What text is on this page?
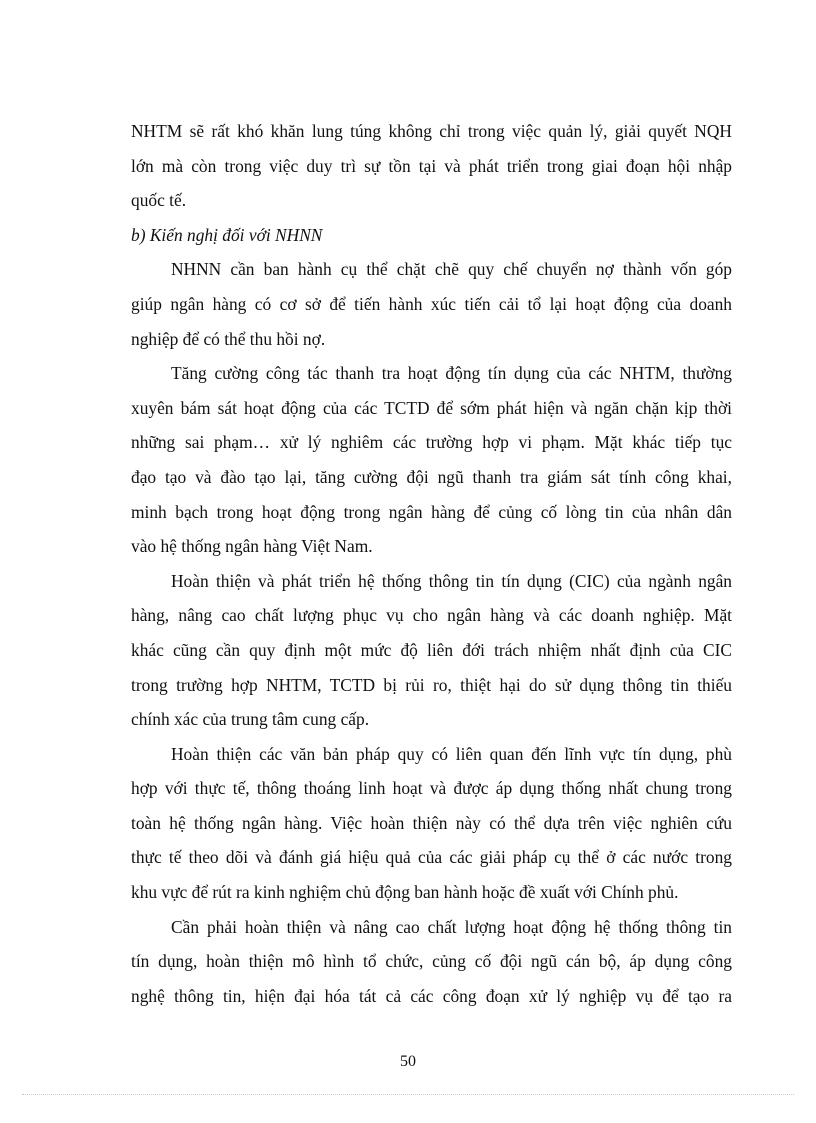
NHTM sẽ rất khó khăn lung túng không chỉ trong việc quản lý, giải quyết NQH
lớn mà còn trong việc duy trì sự tồn tại và phát triển trong giai đoạn hội nhập
quốc tế.
b) Kiến nghị đối với NHNN
NHNN cần ban hành cụ thể chặt chẽ quy chế chuyển nợ thành vốn góp
giúp ngân hàng có cơ sở để tiến hành xúc tiến cải tổ lại hoạt động của doanh
nghiệp để có thể thu hồi nợ.
Tăng cường công tác thanh tra hoạt động tín dụng của các NHTM, thường
xuyên bám sát hoạt động của các TCTD để sớm phát hiện và ngăn chặn kịp thời
những sai phạm… xử lý nghiêm các trường hợp vi phạm. Mặt khác tiếp tục
đạo tạo và đào tạo lại, tăng cường đội ngũ thanh tra giám sát tính công khai,
minh bạch trong hoạt động trong ngân hàng để củng cố lòng tin của nhân dân
vào hệ thống ngân hàng Việt Nam.
Hoàn thiện và phát triển hệ thống thông tin tín dụng (CIC) của ngành ngân
hàng, nâng cao chất lượng phục vụ cho ngân hàng và các doanh nghiệp. Mặt
khác cũng cần quy định một mức độ liên đới trách nhiệm nhất định của CIC
trong trường hợp NHTM, TCTD bị rủi ro, thiệt hại do sử dụng thông tin thiếu
chính xác của trung tâm cung cấp.
Hoàn thiện các văn bản pháp quy có liên quan đến lĩnh vực tín dụng, phù
hợp với thực tế, thông thoáng linh hoạt và được áp dụng thống nhất chung trong
toàn hệ thống ngân hàng. Việc hoàn thiện này có thể dựa trên việc nghiên cứu
thực tế theo dõi và đánh giá hiệu quả của các giải pháp cụ thể ở các nước trong
khu vực để rút ra kinh nghiệm chủ động ban hành hoặc đề xuất với Chính phủ.
Cần phải hoàn thiện và nâng cao chất lượng hoạt động hệ thống thông tin
tín dụng, hoàn thiện mô hình tổ chức, củng cố đội ngũ cán bộ, áp dụng công
nghệ thông tin, hiện đại hóa tát cả các công đoạn xử lý nghiệp vụ để tạo ra
50
